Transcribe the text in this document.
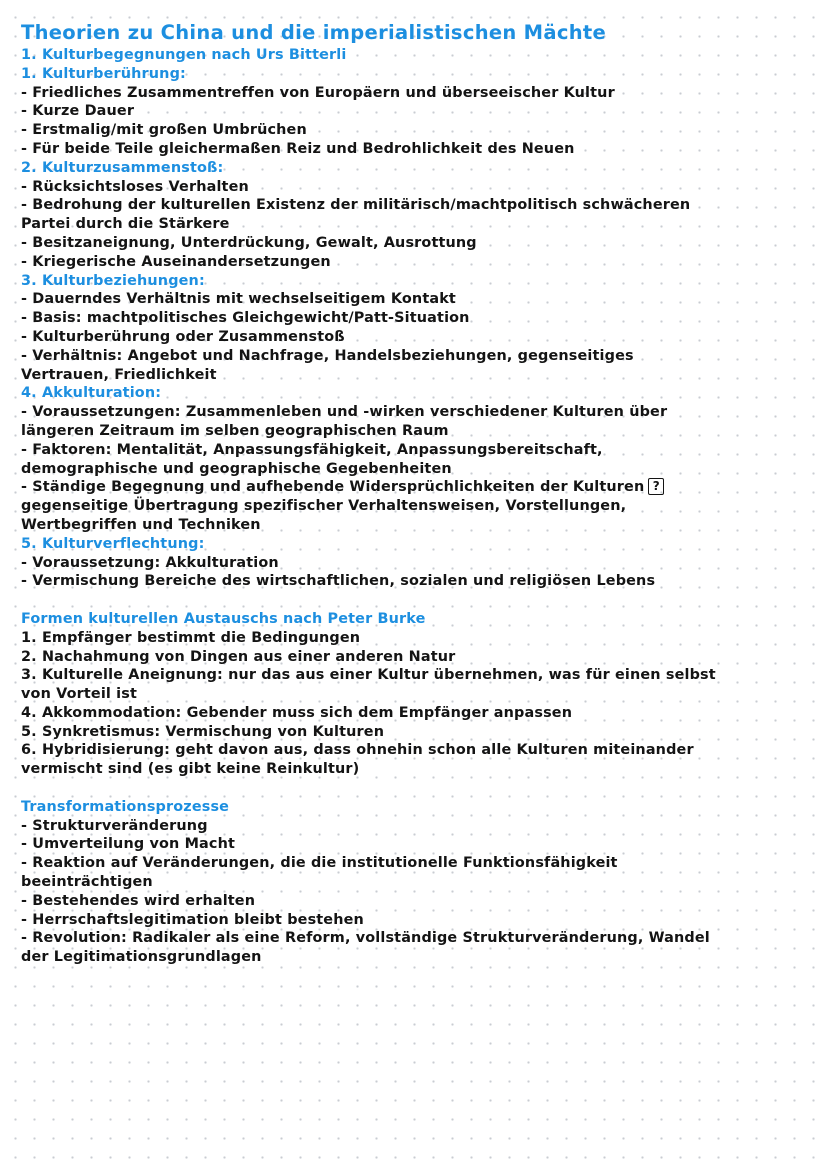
Theorien zu China und die imperialistischen Mächte
1. Kulturbegegnungen nach Urs Bitterli
1. Kulturberührung:
- Friedliches Zusammentreffen von Europäern und überseeischer Kultur
- Kurze Dauer
- Erstmalig/mit großen Umbrüchen
- Für beide Teile gleichermaßen Reiz und Bedrohlichkeit des Neuen
2. Kulturzusammenstoß:
- Rücksichtsloses Verhalten
- Bedrohung der kulturellen Existenz der militärisch/machtpolitisch schwächeren
Partei durch die Stärkere
- Besitzaneignung, Unterdrückung, Gewalt, Ausrottung
- Kriegerische Auseinandersetzungen
3. Kulturbeziehungen:
- Dauerndes Verhältnis mit wechselseitigem Kontakt
- Basis: machtpolitisches Gleichgewicht/Patt-Situation
- Kulturberührung oder Zusammenstoß
- Verhältnis: Angebot und Nachfrage, Handelsbeziehungen, gegenseitiges
Vertrauen, Friedlichkeit
4. Akkulturation:
- Voraussetzungen: Zusammenleben und -wirken verschiedener Kulturen über
längeren Zeitraum im selben geographischen Raum
- Faktoren: Mentalität, Anpassungsfähigkeit, Anpassungsbereitschaft,
demographische und geographische Gegebenheiten
- Ständige Begegnung und aufhebende Widersprüchlichkeiten der Kulturen ?
gegenseitige Übertragung spezifischer Verhaltensweisen, Vorstellungen,
Wertbegriffen und Techniken
5. Kulturverflechtung:
- Voraussetzung: Akkulturation
- Vermischung Bereiche des wirtschaftlichen, sozialen und religiösen Lebens
Formen kulturellen Austauschs nach Peter Burke
1. Empfänger bestimmt die Bedingungen
2. Nachahmung von Dingen aus einer anderen Natur
3. Kulturelle Aneignung: nur das aus einer Kultur übernehmen, was für einen selbst
von Vorteil ist
4. Akkommodation: Gebender muss sich dem Empfänger anpassen
5. Synkretismus: Vermischung von Kulturen
6. Hybridisierung: geht davon aus, dass ohnehin schon alle Kulturen miteinander
vermischt sind (es gibt keine Reinkultur)
Transformationsprozesse
- Strukturveränderung
- Umverteilung von Macht
- Reaktion auf Veränderungen, die die institutionelle Funktionsfähigkeit
beeinträchtigen
- Bestehendes wird erhalten
- Herrschaftslegitimation bleibt bestehen
- Revolution: Radikaler als eine Reform, vollständige Strukturveränderung, Wandel
der Legitimationsgrundlagen
